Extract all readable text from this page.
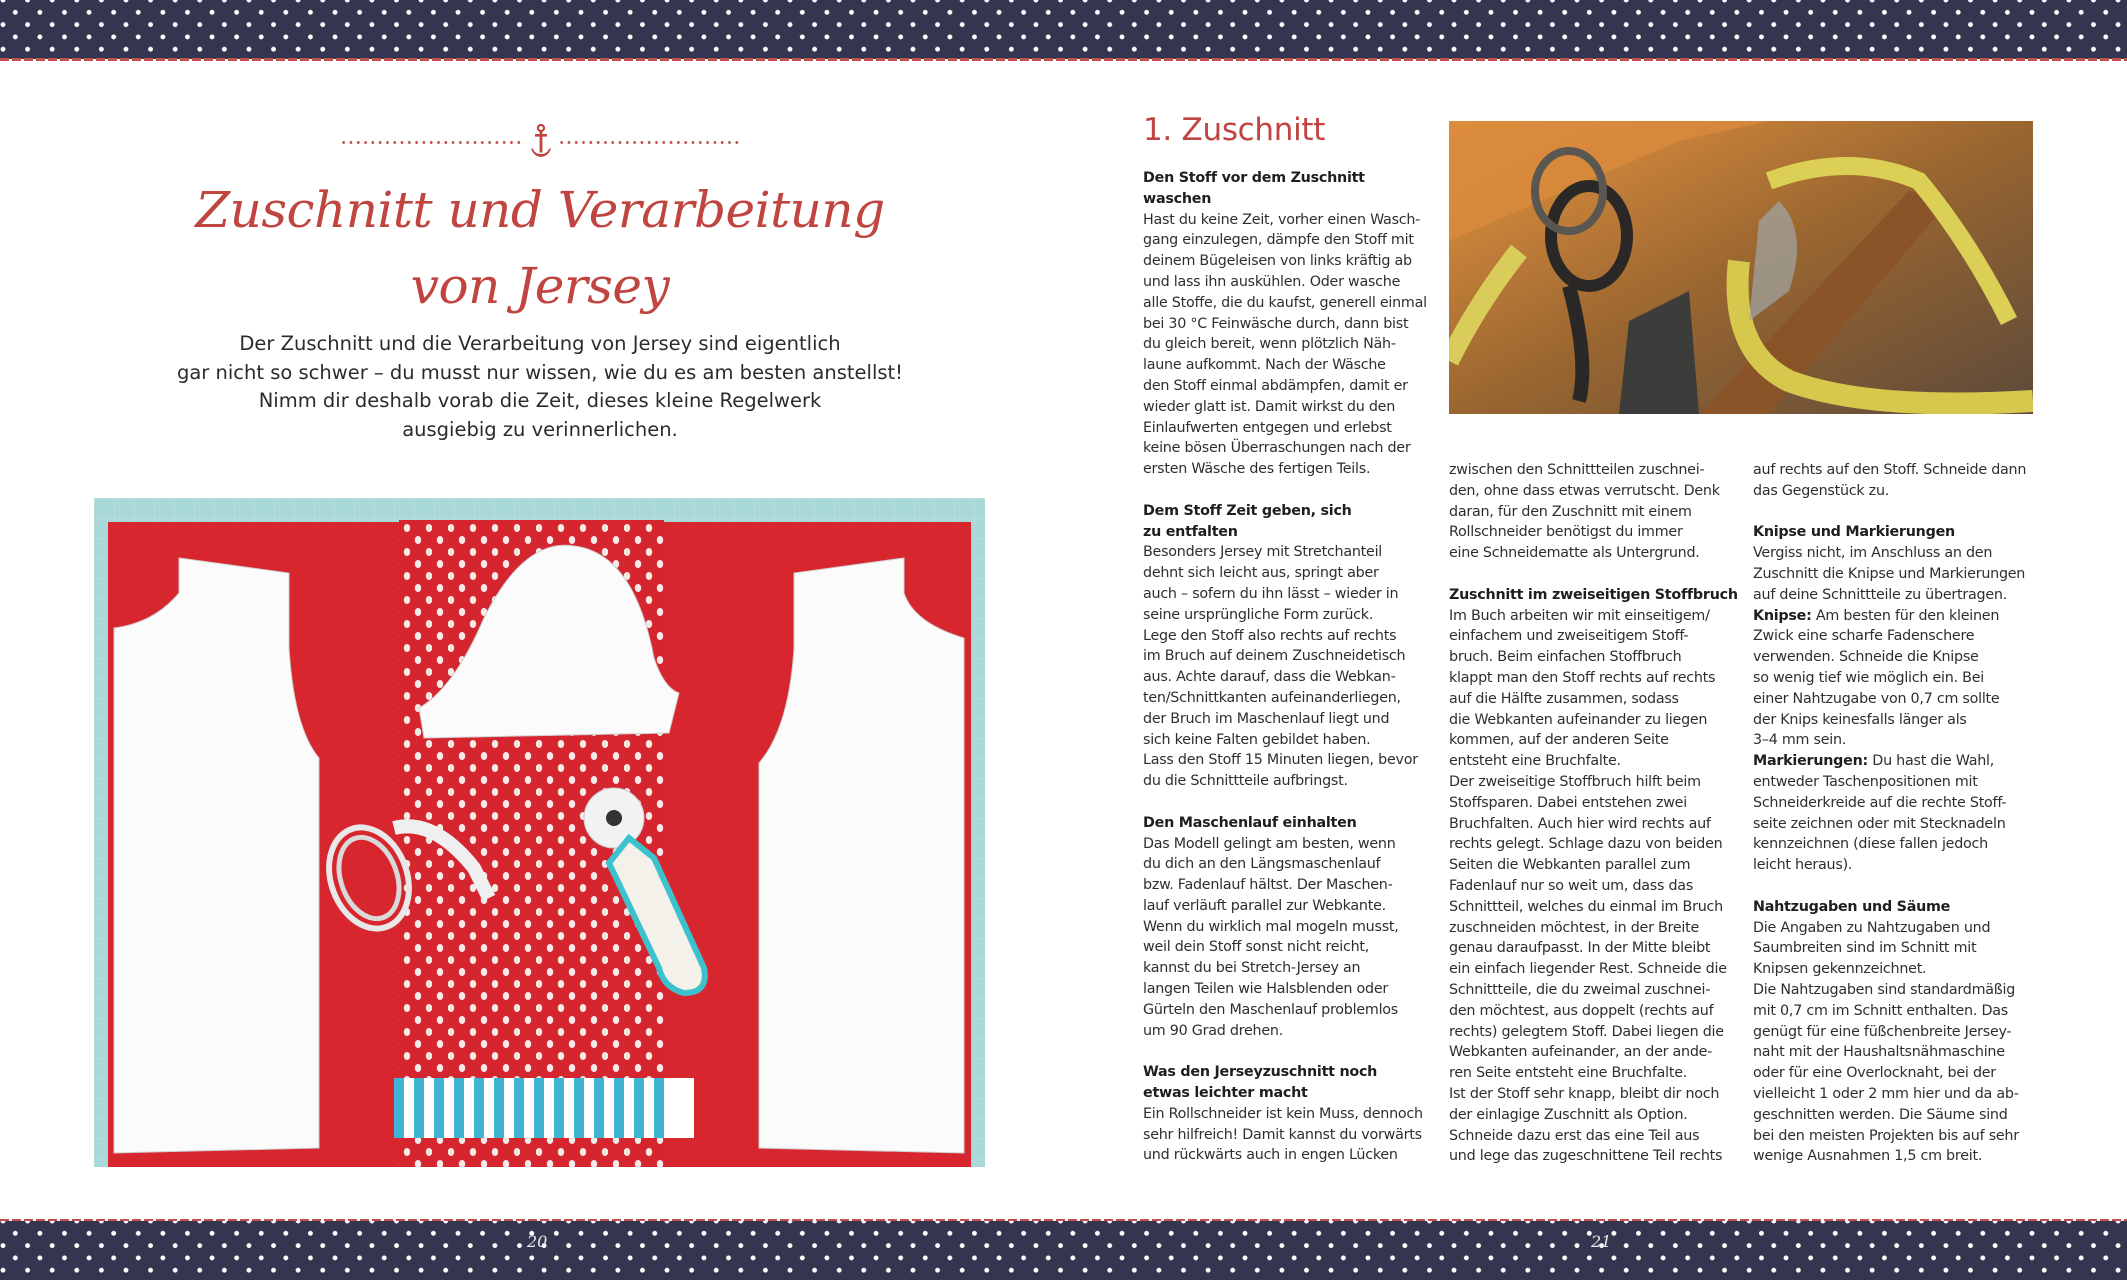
20	21
Zuschnitt und Verarbeitung
von Jersey
Der Zuschnitt und die Verarbeitung von Jersey sind eigentlich
gar nicht so schwer – du musst nur wissen, wie du es am besten anstellst!
Nimm dir deshalb vorab die Zeit, dieses kleine Regelwerk
ausgiebig zu verinnerlichen.
1. Zuschnitt

Den Stoff vor dem Zuschnitt

waschen

Hast du keine Zeit, vorher einen Wasch-

gang einzulegen, dämpfe den Stoff mit

deinem Bügeleisen von links kräftig ab

und lass ihn auskühlen. Oder wasche

alle Stoffe, die du kaufst, generell einmal

bei 30 °C Feinwäsche durch, dann bist

du gleich bereit, wenn plötzlich Näh-

laune aufkommt. Nach der Wäsche

den Stoff einmal abdämpfen, damit er

wieder glatt ist. Damit wirkst du den

Einlaufwerten entgegen und erlebst

keine bösen Überraschungen nach der

ersten Wäsche des fertigen Teils.

Dem Stoff Zeit geben, sich

zu entfalten

Besonders Jersey mit Stretchanteil

dehnt sich leicht aus, springt aber

auch – sofern du ihn lässt – wieder in

seine ursprüngliche Form zurück.

Lege den Stoff also rechts auf rechts

im Bruch auf deinem Zuschneidetisch

aus. Achte darauf, dass die Webkan-

ten/Schnittkanten aufeinanderliegen,

der Bruch im Maschenlauf liegt und

sich keine Falten gebildet haben.

Lass den Stoff 15 Minuten liegen, bevor

du die Schnittteile aufbringst.

Den Maschenlauf einhalten

Das Modell gelingt am besten, wenn

du dich an den Längsmaschenlauf

bzw. Fadenlauf hältst. Der Maschen-

lauf verläuft parallel zur Webkante.

Wenn du wirklich mal mogeln musst,

weil dein Stoff sonst nicht reicht,

kannst du bei Stretch-Jersey an

langen Teilen wie Halsblenden oder

Gürteln den Maschenlauf problemlos

um 90 Grad drehen.

Was den Jerseyzuschnitt noch

etwas leichter macht

Ein Rollschneider ist kein Muss, dennoch

sehr hilfreich! Damit kannst du vorwärts

und rückwärts auch in engen Lücken

zwischen den Schnittteilen zuschnei-

den, ohne dass etwas verrutscht. Denk

daran, für den Zuschnitt mit einem

Rollschneider benötigst du immer

eine Schneidematte als Untergrund.

Zuschnitt im zweiseitigen Stoffbruch

Im Buch arbeiten wir mit einseitigem/

einfachem und zweiseitigem Stoff-

bruch. Beim einfachen Stoffbruch

klappt man den Stoff rechts auf rechts

auf die Hälfte zusammen, sodass

die Webkanten aufeinander zu liegen

kommen, auf der anderen Seite

entsteht eine Bruchfalte.

Der zweiseitige Stoffbruch hilft beim

Stoffsparen. Dabei entstehen zwei

Bruchfalten. Auch hier wird rechts auf

rechts gelegt. Schlage dazu von beiden

Seiten die Webkanten parallel zum

Fadenlauf nur so weit um, dass das

Schnittteil, welches du einmal im Bruch

zuschneiden möchtest, in der Breite

genau daraufpasst. In der Mitte bleibt

ein einfach liegender Rest. Schneide die

Schnittteile, die du zweimal zuschnei-

den möchtest, aus doppelt (rechts auf

rechts) gelegtem Stoff. Dabei liegen die

Webkanten aufeinander, an der ande-

ren Seite entsteht eine Bruchfalte.

Ist der Stoff sehr knapp, bleibt dir noch

der einlagige Zuschnitt als Option.

Schneide dazu erst das eine Teil aus

und lege das zugeschnittene Teil rechts

auf rechts auf den Stoff. Schneide dann

das Gegenstück zu.

Knipse und Markierungen

Vergiss nicht, im Anschluss an den

Zuschnitt die Knipse und Markierungen

auf deine Schnittteile zu übertragen.

Knipse: Am besten für den kleinen

Zwick eine scharfe Fadenschere

verwenden. Schneide die Knipse

so wenig tief wie möglich ein. Bei

einer Nahtzugabe von 0,7 cm sollte

der Knips keinesfalls länger als

3–4 mm sein.

Markierungen: Du hast die Wahl,

entweder Taschenpositionen mit

Schneiderkreide auf die rechte Stoff-

seite zeichnen oder mit Stecknadeln

kennzeichnen (diese fallen jedoch

leicht heraus).

Nahtzugaben und Säume

Die Angaben zu Nahtzugaben und

Saumbreiten sind im Schnitt mit

Knipsen gekennzeichnet.

Die Nahtzugaben sind standardmäßig

mit 0,7 cm im Schnitt enthalten. Das

genügt für eine füßchenbreite Jersey-

naht mit der Haushaltsnähmaschine

oder für eine Overlocknaht, bei der

vielleicht 1 oder 2 mm hier und da ab-

geschnitten werden. Die Säume sind

bei den meisten Projekten bis auf sehr

wenige Ausnahmen 1,5 cm breit.
